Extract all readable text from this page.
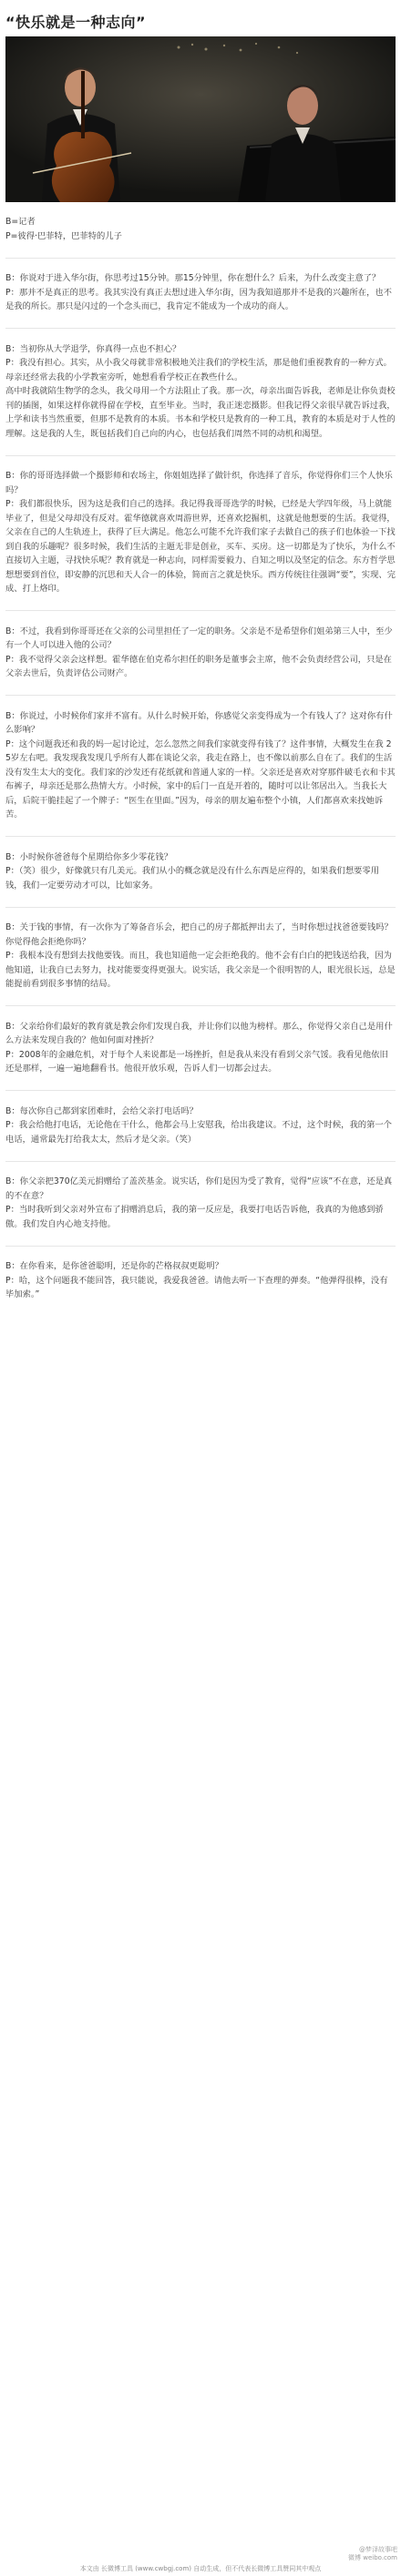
“快乐就是一种志向”

B=记者

P=彼得·巴菲特，巴菲特的儿子

B：你说对于进入华尔街，你思考过15分钟。那15分钟里，你在想什么？后来，为什么改变主意了？
P：那并不是真正的思考。我其实没有真正去想过进入华尔街，因为我知道那并不是我的兴趣所在，也不是我的所长。那只是闪过的一个念头而已，我肯定不能成为一个成功的商人。

B：当初你从大学退学，你真得一点也不担心？
P：我没有担心。其实，从小我父母就非常积极地关注我们的学校生活，那是他们重视教育的一种方式。母亲还经常去我的小学教室旁听，她想看看学校正在教些什么。
高中时我就陪生物学的念头，我父母用一个方法阻止了我。那一次，母亲出面告诉我，老师是让你负责校刊的插图，如果这样你就得留在学校，直至毕业。当时，我正迷恋摄影。但我记得父亲很早就告诉过我，上学和读书当然重要，但那不是教育的本质。书本和学校只是教育的一种工具，教育的本质是对于人性的理解。这是我的人生，既包括我们自己向的内心，也包括我们周然不同的动机和渴望。

B：你的哥哥选择做一个摄影师和农场主，你姐姐选择了做针织，你选择了音乐，你觉得你们三个人快乐吗？
P：我们都很快乐，因为这是我们自己的选择。我记得我哥哥选学的时候，已经是大学四年级，马上就能毕业了，但是父母却没有反对。霍华德就喜欢周游世界，还喜欢挖掘机，这就是他想要的生活。我觉得，父亲在自己的人生轨迹上，获得了巨大满足。他怎么可能不允许我们家子去做自己的孩子们也体验一下找到自我的乐趣呢？很多时候，我们生活的主题无非是创业，买车、买房。这一切都是为了快乐，为什么不直接切入主题，寻找快乐呢？教育就是一种志向，同样需要毅力、自知之明以及坚定的信念。东方哲学思想想要到首位，即安静的沉思和天人合一的体验，简而言之就是快乐。西方传统往往强调“要”，实现、完成、打上烙印。

B：不过，我看到你哥哥还在父亲的公司里担任了一定的职务。父亲是不是希望你们姐弟第三人中，至少有一个人可以进入他的公司？
P：我不觉得父亲会这样想。霍华德在伯克希尔担任的职务是董事会主席，他不会负责经营公司，只是在父亲去世后，负责评估公司财产。

B：你说过，小时候你们家并不富有。从什么时候开始，你感觉父亲变得成为一个有钱人了？这对你有什么影响？
P：这个问题我还和我的妈一起讨论过，怎么忽然之间我们家就变得有钱了？这件事情，大概发生在我 25岁左右吧。我发现我发现几乎所有人都在谈论父亲，我走在路上，也不像以前那么自在了。我们的生活没有发生太大的变化。我们家的沙发还有花纸就和普通人家的一样。父亲还是喜欢对穿那件破毛衣和卡其布裤子，母亲还是那么热情大方。小时候，家中的后门一直是开着的，随时可以让邻居出入。当我长大后，后院干脆挂起了一个牌子：“医生在里面。”因为，母亲的朋友遍布整个小镇，人们都喜欢来找她诉苦。

B：小时候你爸爸每个星期给你多少零花钱？
P：（笑）很少，好像就只有几美元。我们从小的概念就是没有什么东西是应得的，如果我们想要零用钱，我们一定要劳动才可以，比如家务。

B：关于钱的事情，有一次你为了筹备音乐会，把自己的房子都抵押出去了，当时你想过找爸爸要钱吗？你觉得他会拒绝你吗？
P：我根本没有想到去找他要钱。而且，我也知道他一定会拒绝我的。他不会有白白的把钱送给我，因为他知道，让我自已去努力，找对能要变得更强大。说实话，我父亲是一个很明智的人，眼光很长远，总是能提前看到很多事情的结局。

B：父亲给你们最好的教育就是教会你们发现自我，并让你们以他为榜样。那么，你觉得父亲自己是用什么方法来发现自我的？他如何面对挫折？
P：2008年的金融危机，对于每个人来说都是一场挫折，但是我从来没有看到父亲气馁。我看见他依旧还是那样，一遍一遍地翻看书。他很开放乐观，告诉人们一切都会过去。

B：每次你自己都到家团难时，会给父亲打电话吗？
P：我会给他打电话，无论他在干什么，他都会马上安慰我，给出我建议。不过，这个时候，我的第一个电话，通常最先打给我太太，然后才是父亲。（笑）

B：你父亲把370亿美元捐赠给了盖茨基金。说实话，你们是因为受了教育，觉得“应该”不在意，还是真的不在意？
P：当时我听到父亲对外宣布了捐赠消息后，我的第一反应是，我要打电话告诉他，我真的为他感到骄傲。我们发自内心地支持他。

B：在你看来，是你爸爸聪明，还是你的芒格叔叔更聪明？
P：哈，这个问题我不能回答，我只能说，我爱我爸爸。请他去听一下查理的弹奏。“他弹得很棒，没有毕加索。”

@梦泽故事吧
微博 weibo.com
本文由 长微博工具 (www.cwbgj.com) 自动生成，但不代表长微博工具赞同其中观点
